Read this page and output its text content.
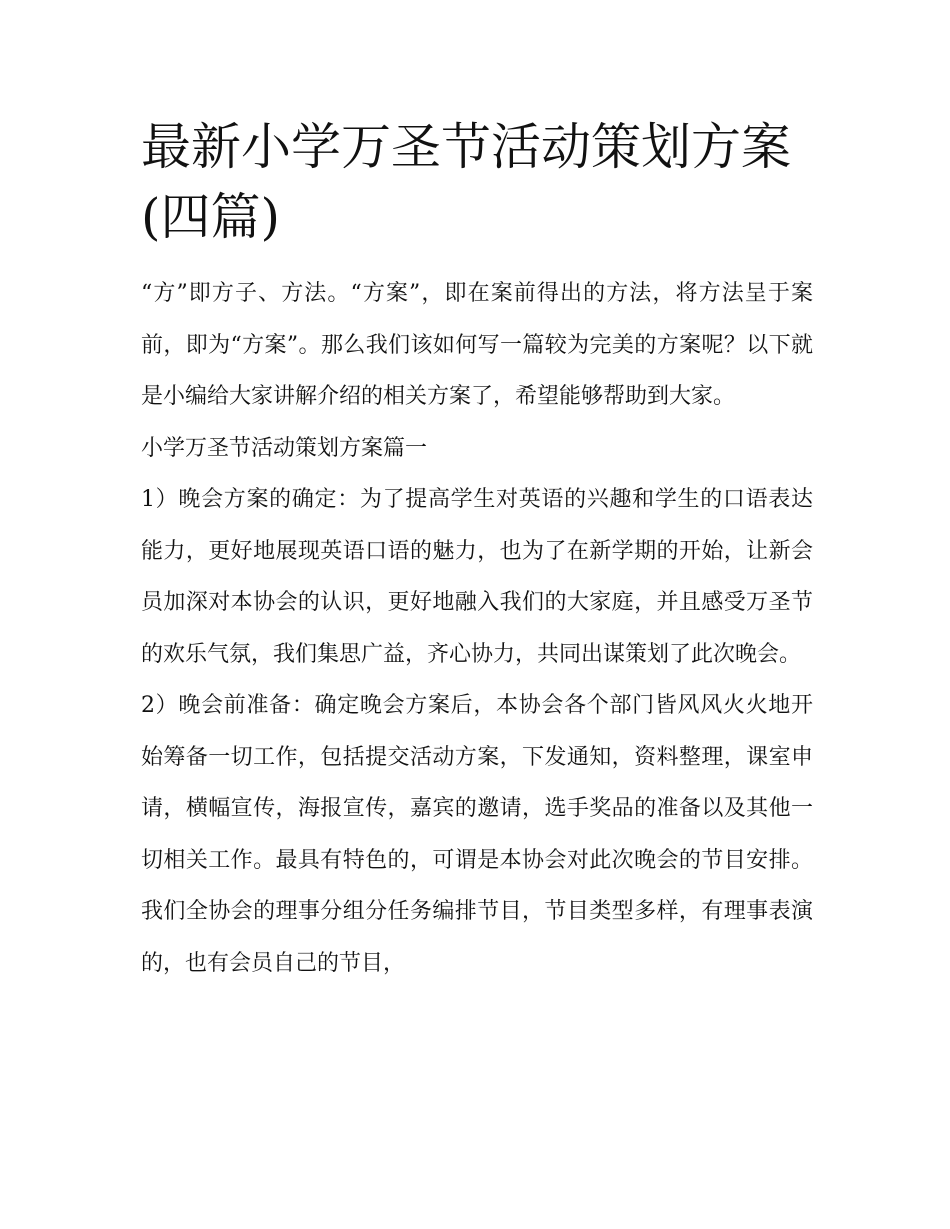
最新小学万圣节活动策划方案(四篇)

“方”即方子、方法。“方案”，即在案前得出的方法，将方法呈于案前，即为“方案”。那么我们该如何写一篇较为完美的方案呢？以下就是小编给大家讲解介绍的相关方案了，希望能够帮助到大家。

小学万圣节活动策划方案篇一

1）晚会方案的确定：为了提高学生对英语的兴趣和学生的口语表达能力，更好地展现英语口语的魅力，也为了在新学期的开始，让新会员加深对本协会的认识，更好地融入我们的大家庭，并且感受万圣节的欢乐气氛，我们集思广益，齐心协力，共同出谋策划了此次晚会。

2）晚会前准备：确定晚会方案后，本协会各个部门皆风风火火地开始筹备一切工作，包括提交活动方案，下发通知，资料整理，课室申请，横幅宣传，海报宣传，嘉宾的邀请，选手奖品的准备以及其他一切相关工作。最具有特色的，可谓是本协会对此次晚会的节目安排。我们全协会的理事分组分任务编排节目，节目类型多样，有理事表演的，也有会员自己的节目，
